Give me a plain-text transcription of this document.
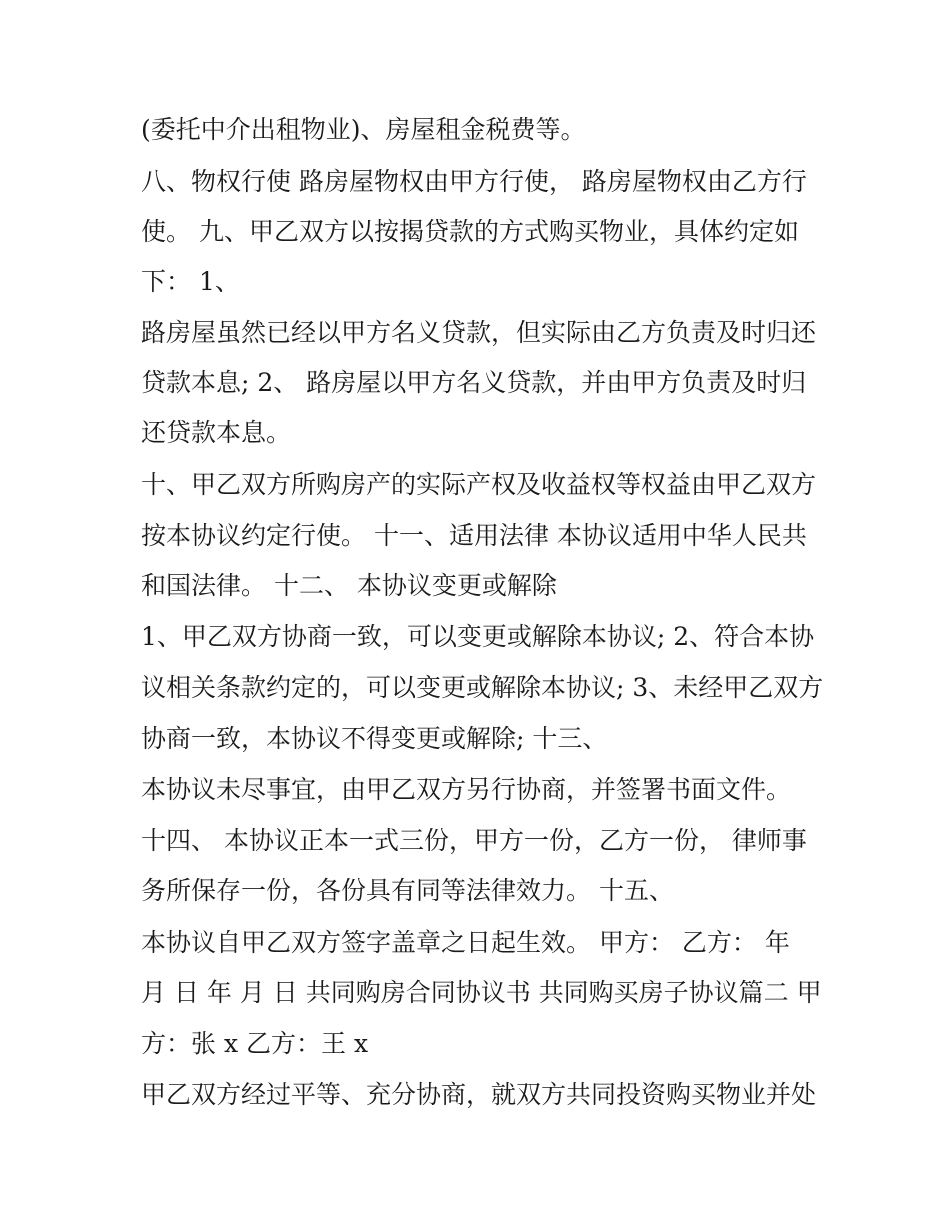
(委托中介出租物业)、房屋租金税费等。
八、物权行使 路房屋物权由甲方行使， 路房屋物权由乙方行
使。 九、甲乙双方以按揭贷款的方式购买物业，具体约定如
下： 1、
路房屋虽然已经以甲方名义贷款，但实际由乙方负责及时归还
贷款本息; 2、 路房屋以甲方名义贷款，并由甲方负责及时归
还贷款本息。
十、甲乙双方所购房产的实际产权及收益权等权益由甲乙双方
按本协议约定行使。 十一、适用法律 本协议适用中华人民共
和国法律。 十二、 本协议变更或解除
1、甲乙双方协商一致，可以变更或解除本协议; 2、符合本协
议相关条款约定的，可以变更或解除本协议; 3、未经甲乙双方
协商一致，本协议不得变更或解除; 十三、
本协议未尽事宜，由甲乙双方另行协商，并签署书面文件。
十四、 本协议正本一式三份，甲方一份，乙方一份， 律师事
务所保存一份，各份具有同等法律效力。 十五、
本协议自甲乙双方签字盖章之日起生效。 甲方： 乙方： 年
月 日 年 月 日 共同购房合同协议书 共同购买房子协议篇二 甲
方：张 x 乙方：王 x
甲乙双方经过平等、充分协商，就双方共同投资购买物业并处
